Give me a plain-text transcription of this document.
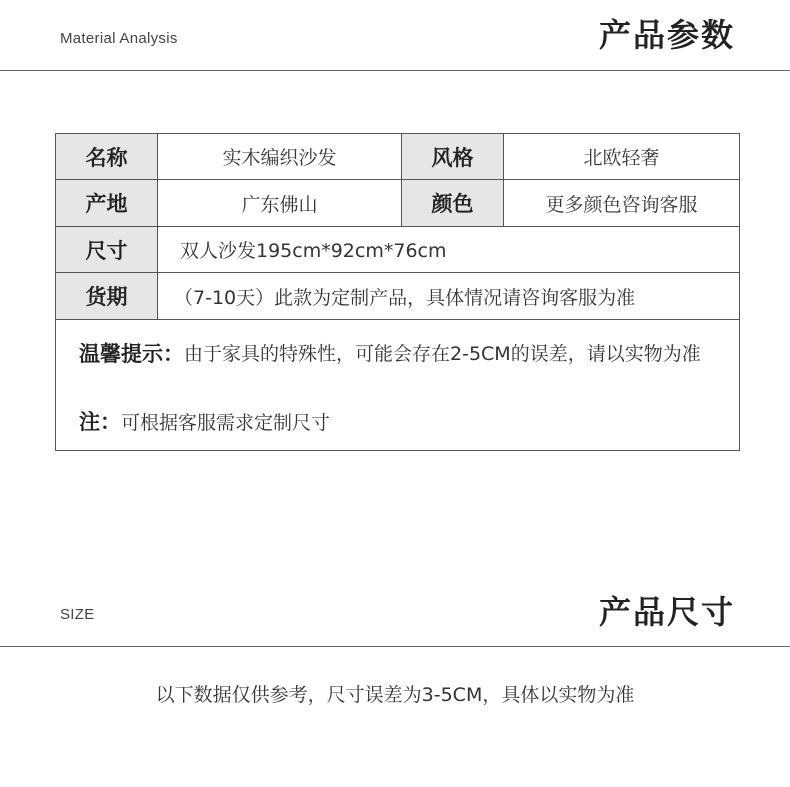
Material Analysis	产品参数
名称	实木编织沙发	风格	北欧轻奢
产地	广东佛山	颜色	更多颜色咨询客服
尺寸	双人沙发195cm*92cm*76cm
货期	（7-10天）此款为定制产品，具体情况请咨询客服为准
温馨提示： 由于家具的特殊性，可能会存在2-5CM的误差，请以实物为准
注：可根据客服需求定制尺寸
SIZE	产品尺寸
以下数据仅供参考，尺寸误差为3-5CM，具体以实物为准
